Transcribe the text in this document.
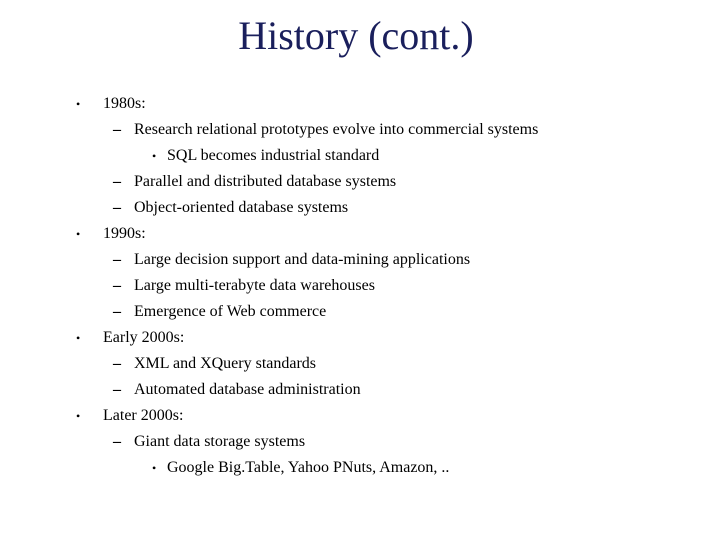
History (cont.)
• 1980s:
– Research relational prototypes evolve into commercial systems
• SQL becomes industrial standard
– Parallel and distributed database systems
– Object-oriented database systems
• 1990s:
– Large decision support and data-mining applications
– Large multi-terabyte data warehouses
– Emergence of Web commerce
• Early 2000s:
– XML and XQuery standards
– Automated database administration
• Later 2000s:
– Giant data storage systems
• Google Big.Table, Yahoo PNuts, Amazon, ..
